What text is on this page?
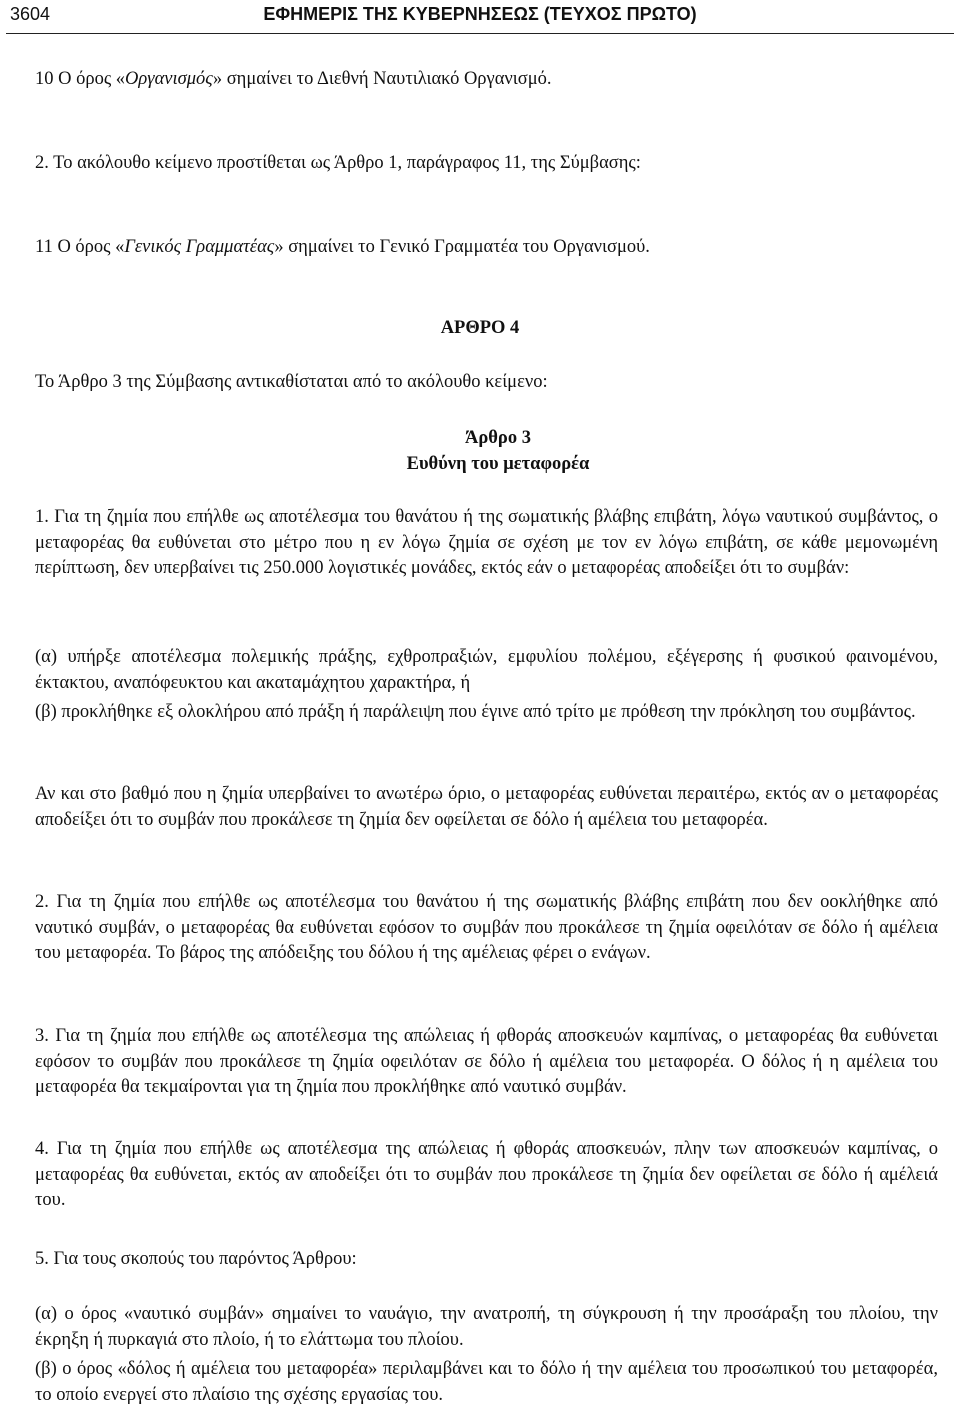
3604	ΕΦΗΜΕΡΙΣ ΤΗΣ ΚΥΒΕΡΝΗΣΕΩΣ (ΤΕΥΧΟΣ ΠΡΩΤΟ)

10 Ο όρος «Οργανισμός» σημαίνει το Διεθνή Ναυτιλιακό Οργανισμό.

2. Το ακόλουθο κείμενο προστίθεται ως Άρθρο 1, παράγραφος 11, της Σύμβασης:

11 Ο όρος «Γενικός Γραμματέας» σημαίνει το Γενικό Γραμματέα του Οργανισμού.

ΑΡΘΡΟ 4

Το Άρθρο 3 της Σύμβασης αντικαθίσταται από το ακόλουθο κείμενο:

Άρθρο 3

Ευθύνη του μεταφορέα

1. Για τη ζημία που επήλθε ως αποτέλεσμα του θανάτου ή της σωματικής βλάβης επιβάτη, λόγω ναυτικού συμβάντος, ο μεταφορέας θα ευθύνεται στο μέτρο που η εν λόγω ζημία σε σχέση με τον εν λόγω επιβάτη, σε κάθε μεμονωμένη περίπτωση, δεν υπερβαίνει τις 250.000 λογιστικές μονάδες, εκτός εάν ο μεταφορέας αποδείξει ότι το συμβάν:

(α) υπήρξε αποτέλεσμα πολεμικής πράξης, εχθροπραξιών, εμφυλίου πολέμου, εξέγερσης ή φυσικού φαινομένου, έκτακτου, αναπόφευκτου και ακαταμάχητου χαρακτήρα, ή

(β) προκλήθηκε εξ ολοκλήρου από πράξη ή παράλειψη που έγινε από τρίτο με πρόθεση την πρόκληση του συμβάντος.

Αν και στο βαθμό που η ζημία υπερβαίνει το ανωτέρω όριο, ο μεταφορέας ευθύνεται περαιτέρω, εκτός αν ο μεταφορέας αποδείξει ότι το συμβάν που προκάλεσε τη ζημία δεν οφείλεται σε δόλο ή αμέλεια του μεταφορέα.

2. Για τη ζημία που επήλθε ως αποτέλεσμα του θανάτου ή της σωματικής βλάβης επιβάτη που δεν οοκλήθηκε από ναυτικό συμβάν, ο μεταφορέας θα ευθύνεται εφόσον το συμβάν που προκάλεσε τη ζημία οφειλόταν σε δόλο ή αμέλεια του μεταφορέα. Το βάρος της απόδειξης του δόλου ή της αμέλειας φέρει ο ενάγων.

3. Για τη ζημία που επήλθε ως αποτέλεσμα της απώλειας ή φθοράς αποσκευών καμπίνας, ο μεταφορέας θα ευθύνεται εφόσον το συμβάν που προκάλεσε τη ζημία οφειλόταν σε δόλο ή αμέλεια του μεταφορέα. Ο δόλος ή η αμέλεια του μεταφορέα θα τεκμαίρονται για τη ζημία που προκλήθηκε από ναυτικό συμβάν.

4. Για τη ζημία που επήλθε ως αποτέλεσμα της απώλειας ή φθοράς αποσκευών, πλην των αποσκευών καμπίνας, ο μεταφορέας θα ευθύνεται, εκτός αν αποδείξει ότι το συμβάν που προκάλεσε τη ζημία δεν οφείλεται σε δόλο ή αμέλειά του.

5. Για τους σκοπούς του παρόντος Άρθρου:

(α) ο όρος «ναυτικό συμβάν» σημαίνει το ναυάγιο, την ανατροπή, τη σύγκρουση ή την προσάραξη του πλοίου, την έκρηξη ή πυρκαγιά στο πλοίο, ή το ελάττωμα του πλοίου.

(β) ο όρος «δόλος ή αμέλεια του μεταφορέα» περιλαμβάνει και το δόλο ή την αμέλεια του προσωπικού του μεταφορέα, το οποίο ενεργεί στο πλαίσιο της σχέσης εργασίας του.
